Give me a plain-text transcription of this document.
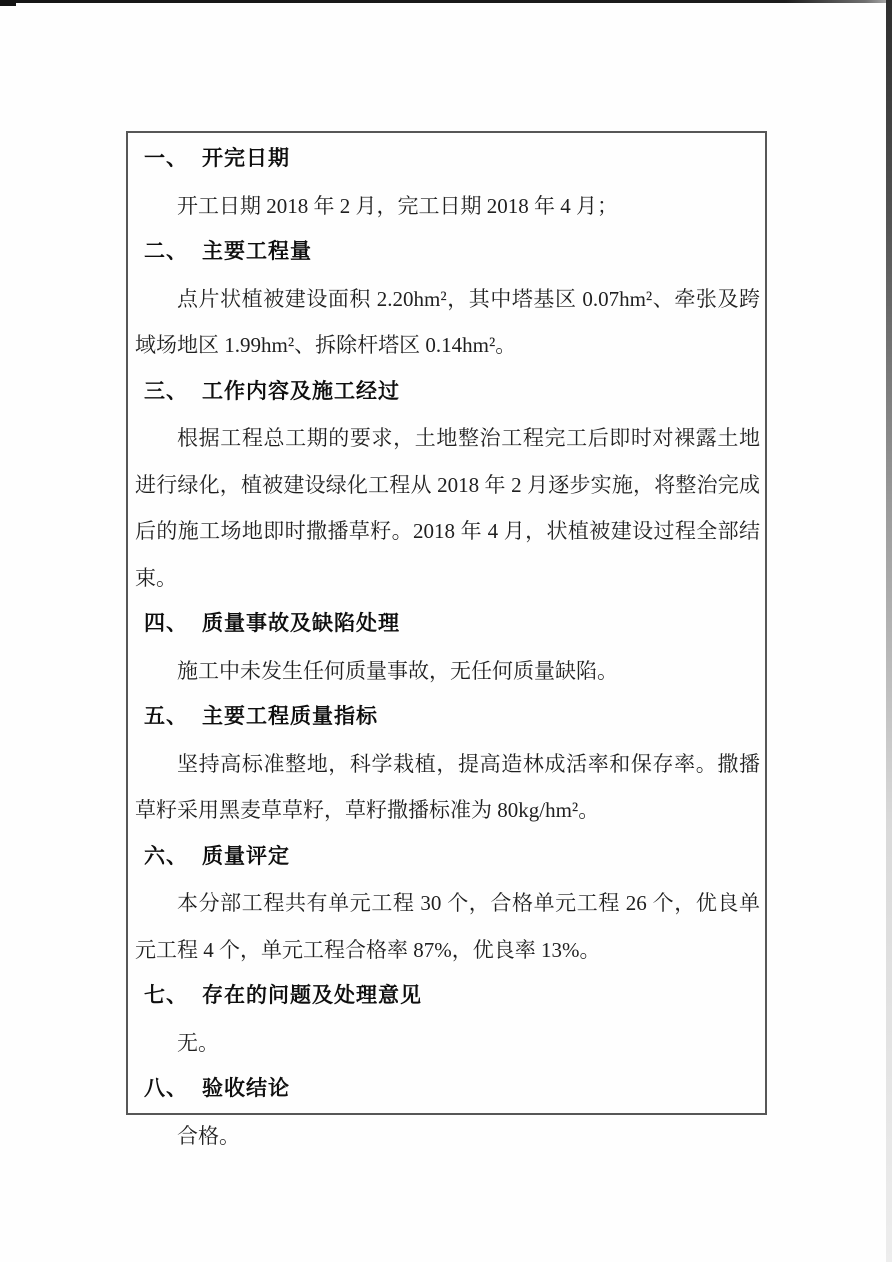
一、 开完日期

开工日期 2018 年 2 月，完工日期 2018 年 4 月；

二、 主要工程量

点片状植被建设面积 2.20hm²，其中塔基区 0.07hm²、牵张及跨域场地区 1.99hm²、拆除杆塔区 0.14hm²。

三、 工作内容及施工经过

根据工程总工期的要求，土地整治工程完工后即时对裸露土地进行绿化，植被建设绿化工程从 2018 年 2 月逐步实施，将整治完成后的施工场地即时撒播草籽。2018 年 4 月，状植被建设过程全部结束。

四、 质量事故及缺陷处理

施工中未发生任何质量事故，无任何质量缺陷。

五、 主要工程质量指标

坚持高标准整地，科学栽植，提高造林成活率和保存率。撒播草籽采用黑麦草草籽，草籽撒播标准为 80kg/hm²。

六、 质量评定

本分部工程共有单元工程 30 个，合格单元工程 26 个，优良单元工程 4 个，单元工程合格率 87%，优良率 13%。

七、 存在的问题及处理意见

无。

八、 验收结论

合格。
